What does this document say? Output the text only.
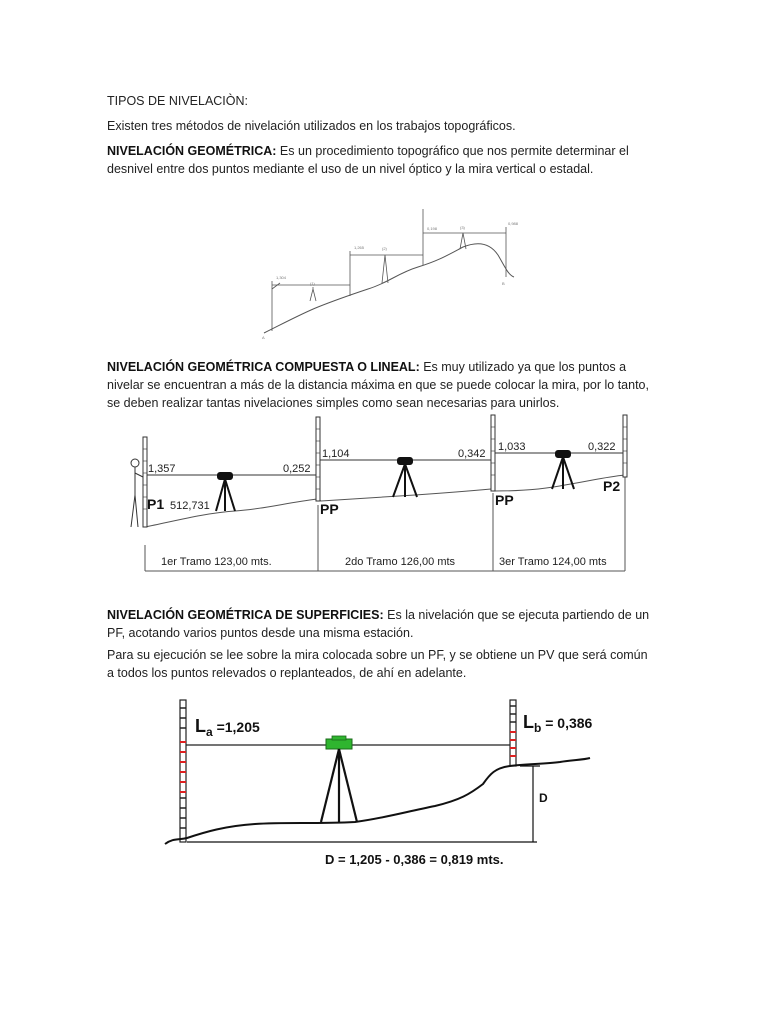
TIPOS DE NIVELACIÒN:

Existen tres métodos de nivelación utilizados en los trabajos topográficos.

NIVELACIÓN GEOMÉTRICA: Es un procedimiento topográfico que nos permite determinar el desnivel entre dos puntos mediante el uso de un nivel óptico y la mira vertical o estadal.

1,304
(1)
1,265	(2)
0,198	(3)
0,988
A
B

NIVELACIÓN GEOMÉTRICA COMPUESTA O LINEAL: Es muy utilizado ya que los puntos a nivelar se encuentran a más de la distancia máxima en que se puede colocar la mira, por lo tanto, se deben realizar tantas nivelaciones simples como sean necesarias para unirlos.

1,357	0,252
1,104	0,342
1,033	0,322
512,731
P1	PP
PP
P2
1er Tramo 123,00 mts.	2do Tramo 126,00 mts	3er Tramo 124,00 mts

NIVELACIÓN GEOMÉTRICA DE SUPERFICIES: Es la nivelación que se ejecuta partiendo de un PF, acotando varios puntos desde una misma estación.

Para su ejecución se lee sobre la mira colocada sobre un PF, y se obtiene un PV que será común a todos los puntos relevados o replanteados, de ahí en adelante.

La =1,205	Lb = 0,386
D
D = 1,205 - 0,386 = 0,819 mts.
